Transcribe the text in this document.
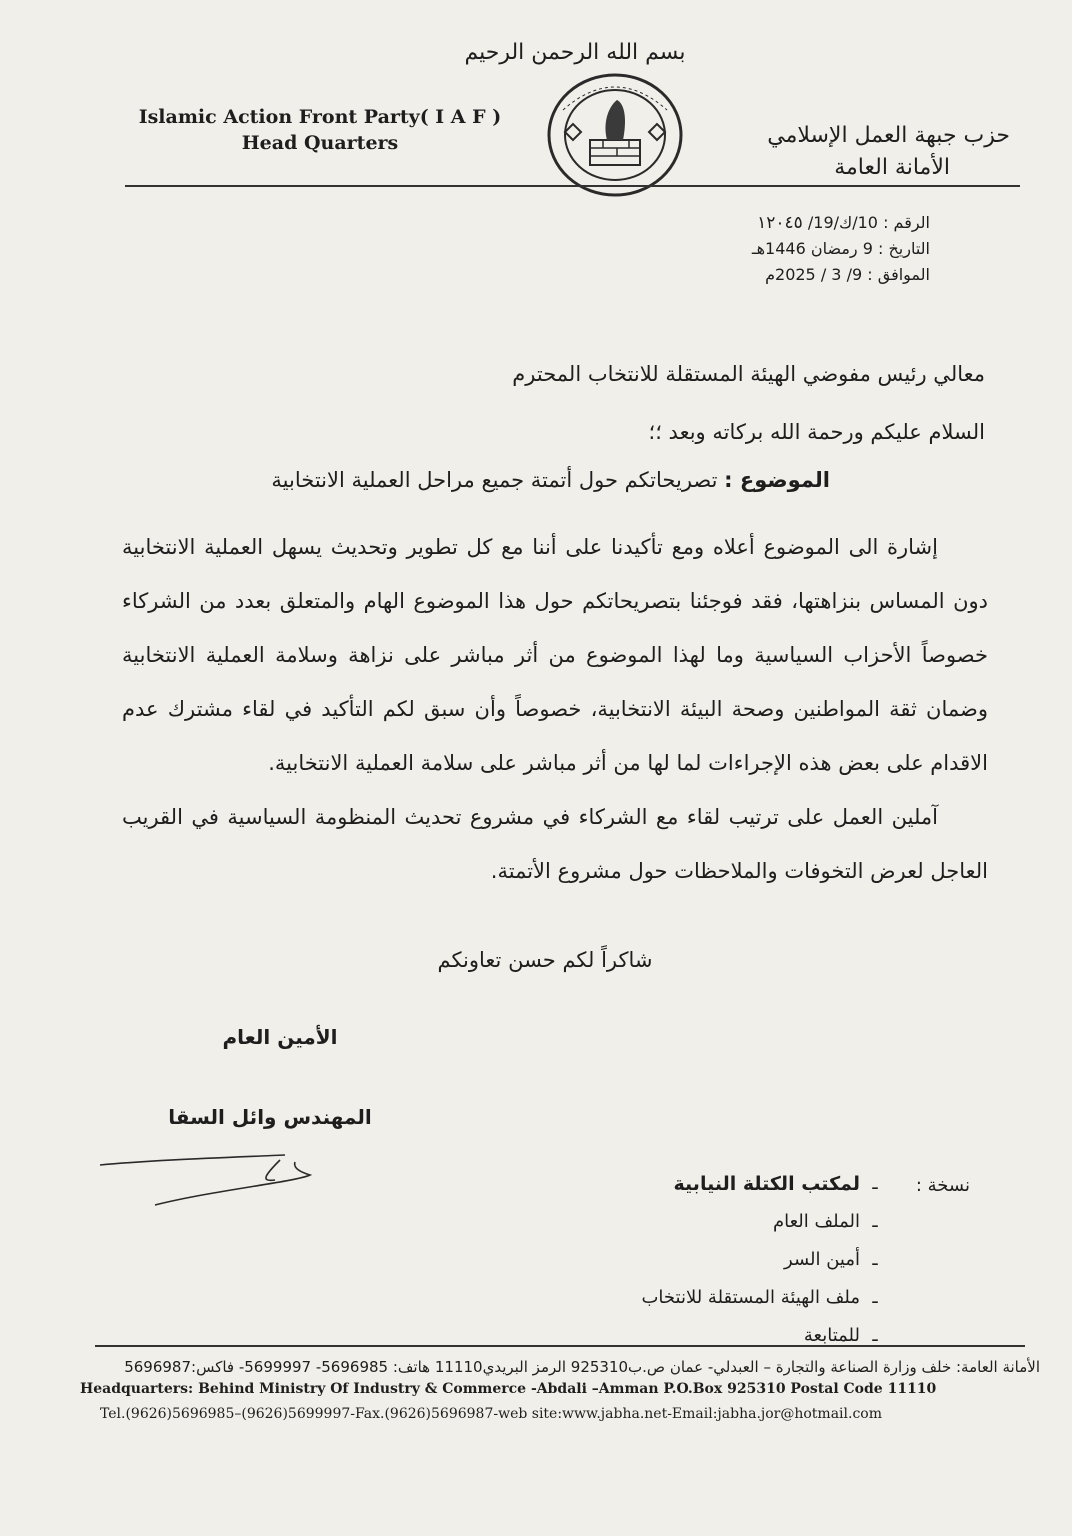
بسم الله الرحمن الرحيم
Islamic Action Front Party( I A F )
Head Quarters	حزب جبهة العمل الإسلامي
الأمانة العامة
الرقم : 10/ك/19/ ١٢٠٤٥
التاريخ : 9 رمضان 1446هـ
الموافق : 9/ 3 / 2025م
معالي رئيس مفوضي الهيئة المستقلة للانتخاب المحترم
السلام عليكم ورحمة الله بركاته وبعد ؛؛
الموضوع : تصريحاتكم حول أتمتة جميع مراحل العملية الانتخابية

إشارة الى الموضوع أعلاه ومع تأكيدنا على أننا مع كل تطوير وتحديث يسهل العملية الانتخابية دون المساس بنزاهتها، فقد فوجئنا بتصريحاتكم حول هذا الموضوع الهام والمتعلق بعدد من الشركاء خصوصاً الأحزاب السياسية وما لهذا الموضوع من أثر مباشر على نزاهة وسلامة العملية الانتخابية وضمان ثقة المواطنين وصحة البيئة الانتخابية، خصوصاً وأن سبق لكم التأكيد في لقاء مشترك عدم الاقدام على بعض هذه الإجراءات لما لها من أثر مباشر على سلامة العملية الانتخابية.

آملين العمل على ترتيب لقاء مع الشركاء في مشروع تحديث المنظومة السياسية في القريب العاجل لعرض التخوفات والملاحظات حول مشروع الأتمتة.

شاكراً لكم حسن تعاونكم
الأمين العام
المهندس وائل السقا
نسخة :
ـ
لمكتب الكتلة النيابية
ـ
الملف العام
ـ
أمين السر
ـ
ملف الهيئة المستقلة للانتخاب
ـ
للمتابعة
الأمانة العامة: خلف وزارة الصناعة والتجارة – العبدلي- عمان ص.ب925310 الرمز البريدي11110 هاتف: 5696985- 5699997- فاكس:5696987
Headquarters: Behind Ministry Of Industry & Commerce -Abdali –Amman P.O.Box 925310 Postal Code 11110
Tel.(9626)5696985–(9626)5699997-Fax.(9626)5696987-web site:www.jabha.net-Email:jabha.jor@hotmail.com
